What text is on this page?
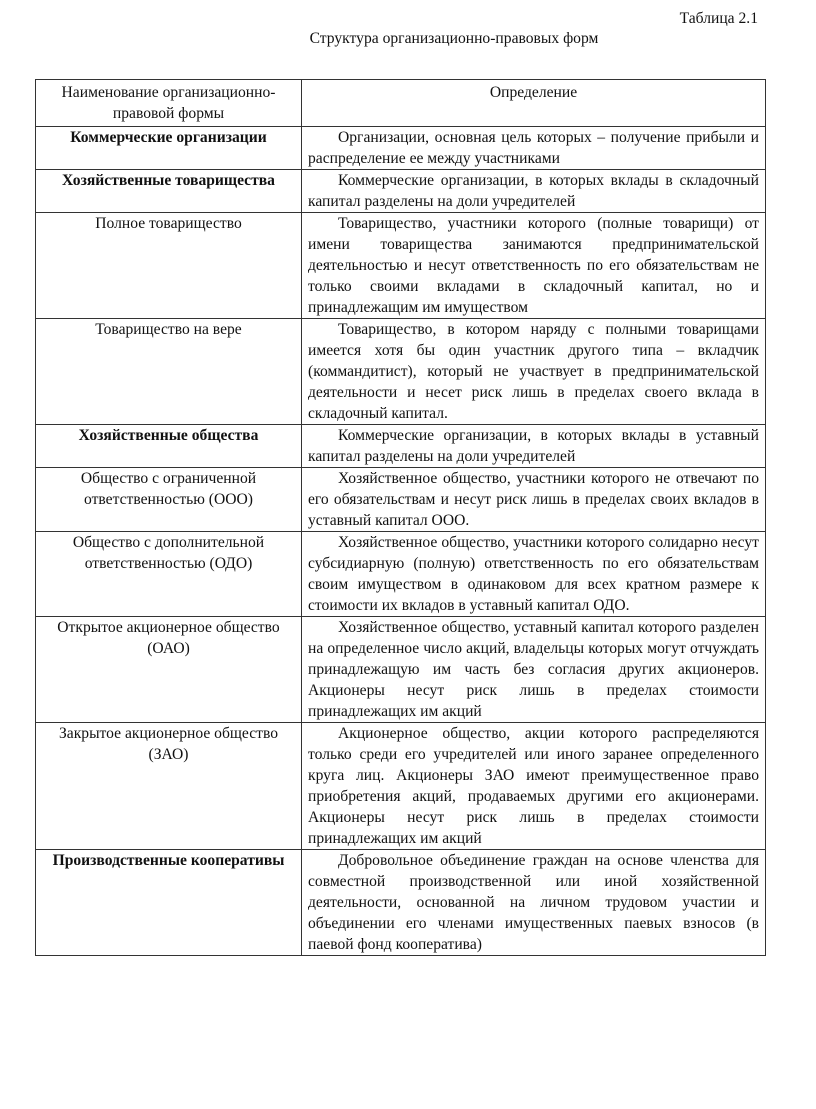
Таблица 2.1
Структура организационно-правовых форм
Наименование организационно-правовой формы	Определение
Коммерческие организации	Организации, основная цель которых – получение прибыли и распределение ее между участниками

Хозяйственные товарищества	Коммерческие организации, в которых вклады в складочный капитал разделены на доли учредителей

Полное товарищество	Товарищество, участники которого (полные товарищи) от имени товарищества занимаются предпринимательской деятельностью и несут ответственность по его обязательствам не только своими вкладами в складочный капитал, но и принадлежащим им имуществом

Товарищество на вере	Товарищество, в котором наряду с полными товарищами имеется хотя бы один участник другого типа – вкладчик (коммандитист), который не участвует в предпринимательской деятельности и несет риск лишь в пределах своего вклада в складочный капитал.

Хозяйственные общества	Коммерческие организации, в которых вклады в уставный капитал разделены на доли учредителей

Общество с ограниченной ответственностью (ООО)	Хозяйственное общество, участники которого не отвечают по его обязательствам и несут риск лишь в пределах своих вкладов в уставный капитал ООО.

Общество с дополнительной ответственностью (ОДО)	Хозяйственное общество, участники которого солидарно несут субсидиарную (полную) ответственность по его обязательствам своим имуществом в одинаковом для всех кратном размере к стоимости их вкладов в уставный капитал ОДО.

Открытое акционерное общество (ОАО)	Хозяйственное общество, уставный капитал которого разделен на определенное число акций, владельцы которых могут отчуждать принадлежащую им часть без согласия других акционеров. Акционеры несут риск лишь в пределах стоимости принадлежащих им акций

Закрытое акционерное общество (ЗАО)	Акционерное общество, акции которого распределяются только среди его учредителей или иного заранее определенного круга лиц. Акционеры ЗАО имеют преимущественное право приобретения акций, продаваемых другими его акционерами. Акционеры несут риск лишь в пределах стоимости принадлежащих им акций

Производственные кооперативы	Добровольное объединение граждан на основе членства для совместной производственной или иной хозяйственной деятельности, основанной на личном трудовом участии и объединении его членами имущественных паевых взносов (в паевой фонд кооператива)
